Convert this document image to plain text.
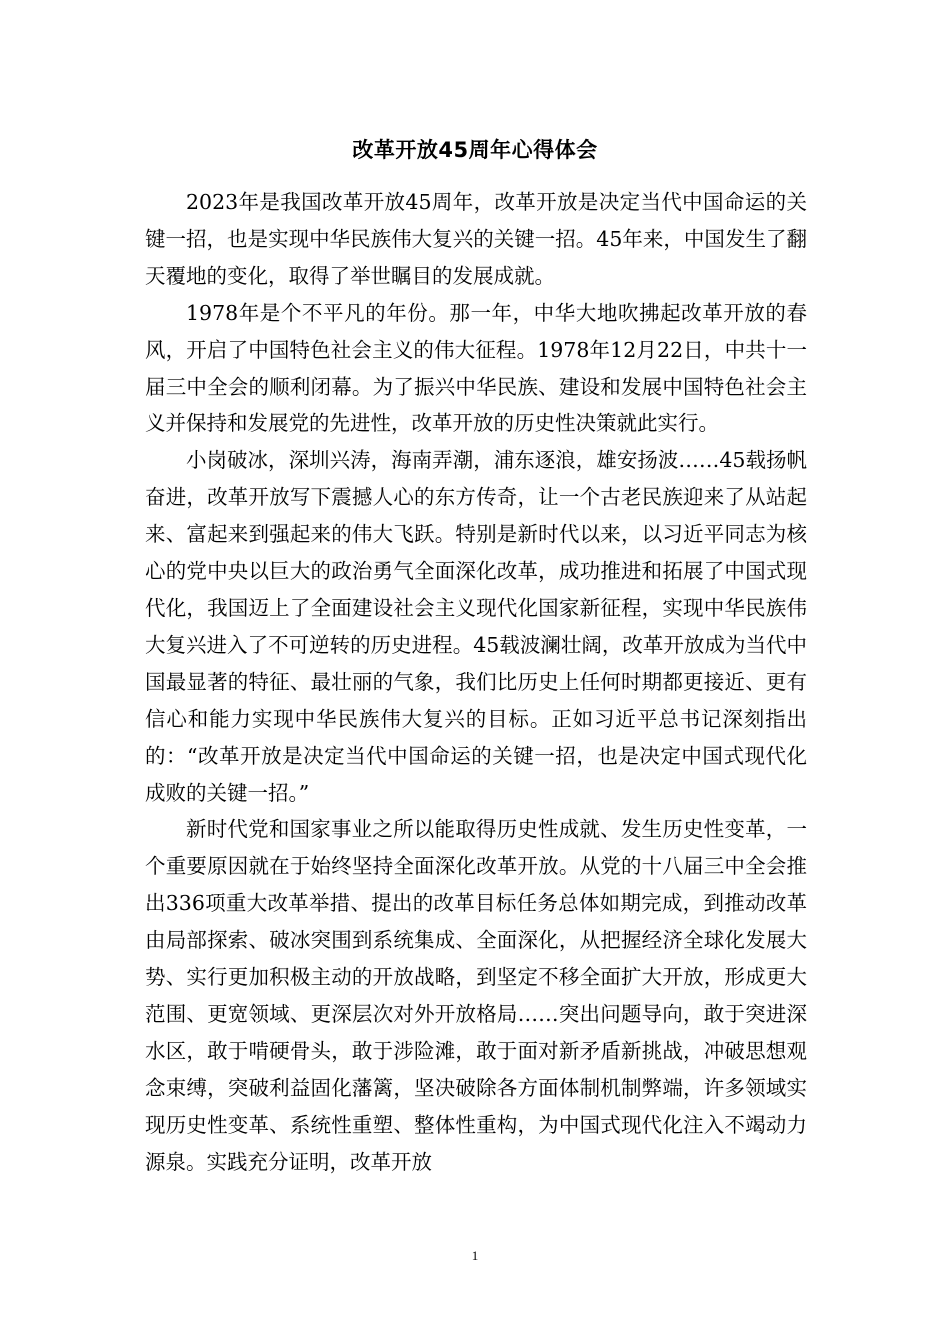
改革开放45周年心得体会

2023年是我国改革开放45周年，改革开放是决定当代中国命运的关键一招，也是实现中华民族伟大复兴的关键一招。45年来，中国发生了翻天覆地的变化，取得了举世瞩目的发展成就。

1978年是个不平凡的年份。那一年，中华大地吹拂起改革开放的春风，开启了中国特色社会主义的伟大征程。1978年12月22日，中共十一届三中全会的顺利闭幕。为了振兴中华民族、建设和发展中国特色社会主义并保持和发展党的先进性，改革开放的历史性决策就此实行。

小岗破冰，深圳兴涛，海南弄潮，浦东逐浪，雄安扬波……45载扬帆奋进，改革开放写下震撼人心的东方传奇，让一个古老民族迎来了从站起来、富起来到强起来的伟大飞跃。特别是新时代以来，以习近平同志为核心的党中央以巨大的政治勇气全面深化改革，成功推进和拓展了中国式现代化，我国迈上了全面建设社会主义现代化国家新征程，实现中华民族伟大复兴进入了不可逆转的历史进程。45载波澜壮阔，改革开放成为当代中国最显著的特征、最壮丽的气象，我们比历史上任何时期都更接近、更有信心和能力实现中华民族伟大复兴的目标。正如习近平总书记深刻指出的：“改革开放是决定当代中国命运的关键一招，也是决定中国式现代化成败的关键一招。”

新时代党和国家事业之所以能取得历史性成就、发生历史性变革，一个重要原因就在于始终坚持全面深化改革开放。从党的十八届三中全会推出336项重大改革举措、提出的改革目标任务总体如期完成，到推动改革由局部探索、破冰突围到系统集成、全面深化，从把握经济全球化发展大势、实行更加积极主动的开放战略，到坚定不移全面扩大开放，形成更大范围、更宽领域、更深层次对外开放格局……突出问题导向，敢于突进深水区，敢于啃硬骨头，敢于涉险滩，敢于面对新矛盾新挑战，冲破思想观念束缚，突破利益固化藩篱，坚决破除各方面体制机制弊端，许多领域实现历史性变革、系统性重塑、整体性重构，为中国式现代化注入不竭动力源泉。实践充分证明，改革开放

1
